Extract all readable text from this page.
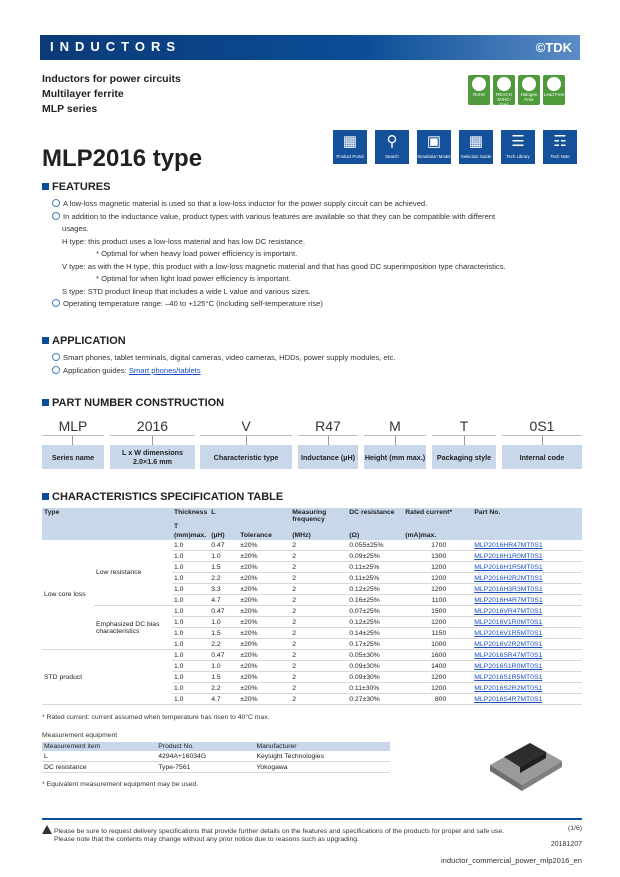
INDUCTORS	©TDK
Inductors for power circuits
Multilayer ferrite
MLP series
RoHS	REACH SVHC-Free
Halogen Free
Lead Free
MLP2016 type
▦
Product Portal
⚲
Search
▣
Simulation Model
▦
Selection Guide
☰
Tech Library
☶
Tech Note
FEATURES
A low-loss magnetic material is used so that a low-loss inductor for the power supply circuit can be achieved.
In addition to the inductance value, product types with various features are available so that they can be compatible with different
usages.
H type: this product uses a low-loss material and has low DC resistance.
* Optimal for when heavy load power efficiency is important.
V type: as with the H type, this product with a low-loss magnetic material and that has good DC superimposition type characteristics.
* Optimal for when light load power efficiency is important.
S type: STD product lineup that includes a wide L value and various sizes.
Operating temperature range: –40 to +125°C (including self-temperature rise)
APPLICATION
Smart phones, tablet terminals, digital cameras, video cameras, HDDs, power supply modules, etc.
Application guides: Smart phones/tablets
PART NUMBER CONSTRUCTION
MLP	2016	V	R47	M	T	0S1
Series name	L x W dimensions 2.0×1.6 mm	Characteristic type	Inductance (µH)	Height (mm max.)	Packaging style	Internal code
CHARACTERISTICS SPECIFICATION TABLE
Type		Thickness

T	L		Measuring frequency	DC resistance	Rated current*	Part No.
		(mm)max.	(µH)	Tolerance	(MHz)	(Ω)	(mA)max.	
Low core loss	Low resistance	1.0	0.47	±20%	2	0.055±25%	1700	MLP2016HR47MT0S1
		1.0	1.0	±20%	2	0.09±25%	1300	MLP2016H1R0MT0S1
		1.0	1.5	±20%	2	0.11±25%	1200	MLP2016H1R5MT0S1
		1.0	2.2	±20%	2	0.11±25%	1200	MLP2016H2R2MT0S1
		1.0	3.3	±20%	2	0.12±25%	1200	MLP2016H3R3MT0S1
		1.0	4.7	±20%	2	0.16±25%	1100	MLP2016H4R7MT0S1
	Emphasized DC bias characteristics	1.0	0.47	±20%	2	0.07±25%	1500	MLP2016VR47MT0S1
		1.0	1.0	±20%	2	0.12±25%	1200	MLP2016V1R0MT0S1
		1.0	1.5	±20%	2	0.14±25%	1150	MLP2016V1R5MT0S1
		1.0	2.2	±20%	2	0.17±25%	1000	MLP2016V2R2MT0S1
STD product		1.0	0.47	±20%	2	0.05±30%	1600	MLP2016SR47MT0S1
		1.0	1.0	±20%	2	0.09±30%	1400	MLP2016S1R0MT0S1
		1.0	1.5	±20%	2	0.09±30%	1200	MLP2016S1R5MT0S1
		1.0	2.2	±20%	2	0.11±30%	1200	MLP2016S2R2MT0S1
		1.0	4.7	±20%	2	0.27±30%	800	MLP2016S4R7MT0S1
* Rated current: current assumed when temperature has risen to 40°C max.
Measurement equipment
Measurement item	Product No.	Manufacturer
L	4294A+16034G	Keysight Technologies
DC resistance	Type-7561	Yokogawa
* Equivalent measurement equipment may be used.
Please be sure to request delivery specifications that provide further details on the features and specifications of the products for proper and safe use.
Please note that the contents may change without any prior notice due to reasons such as upgrading.
(1/6)
20181207
inductor_commercial_power_mlp2016_en
